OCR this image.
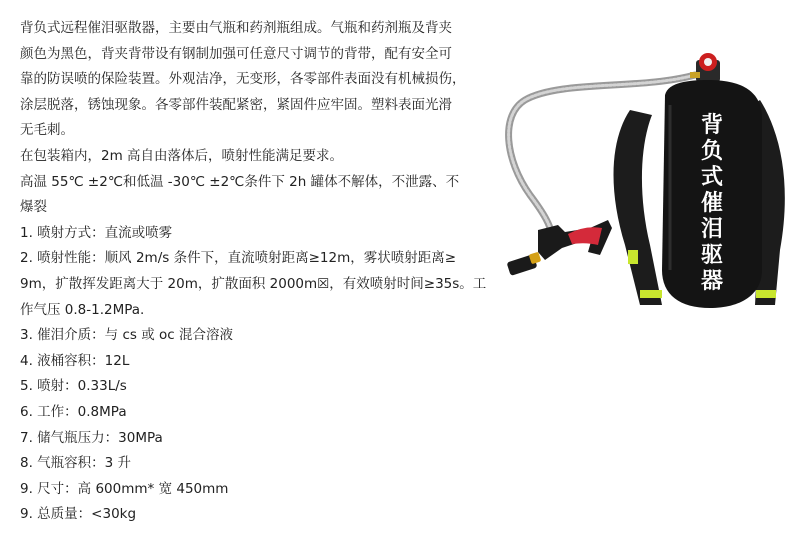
背负式远程催泪驱散器，主要由气瓶和药剂瓶组成。气瓶和药剂瓶及背夹
颜色为黑色，背夹背带设有钢制加强可任意尺寸调节的背带，配有安全可
靠的防误喷的保险装置。外观洁净，无变形，各零部件表面没有机械损伤，
涂层脱落，锈蚀现象。各零部件装配紧密，紧固件应牢固。塑料表面光滑
无毛刺。
在包装箱内，2m 高自由落体后，喷射性能满足要求。
高温 55℃ ±2℃和低温 -30℃ ±2℃条件下 2h 罐体不解体，不泄露、不
爆裂
1. 喷射方式：直流或喷雾
2. 喷射性能：顺风 2m/s 条件下，直流喷射距离≥12m，雾状喷射距离≥
9m，扩散挥发距离大于 20m，扩散面积 2000m☒，有效喷射时间≥35s。工
作气压 0.8-1.2MPa.
3. 催泪介质：与 cs 或 oc 混合溶液
4. 液桶容积：12L
5. 喷射：0.33L/s
6. 工作：0.8MPa
7. 储气瓶压力：30MPa
8. 气瓶容积：3 升
9. 尺寸：高 600mm* 宽 450mm
9. 总质量：<30kg
背
负
式
催
泪
驱
器
